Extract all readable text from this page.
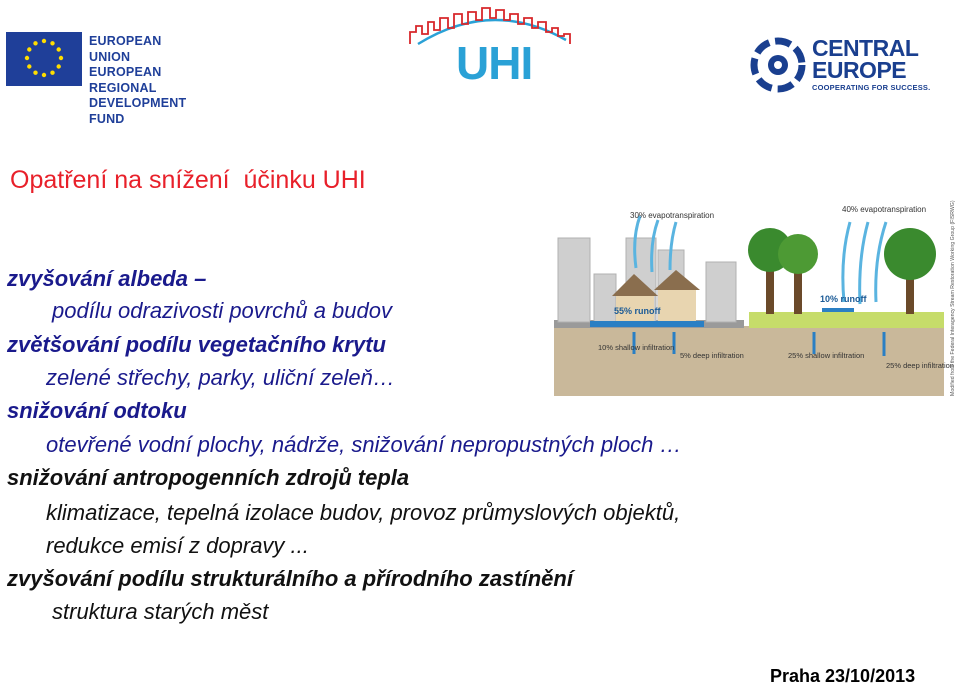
EUROPEAN UNION
EUROPEAN REGIONAL
DEVELOPMENT FUND
UHI	CENTRAL
EUROPE
COOPERATING FOR SUCCESS.
Opatření na snížení  účinku UHI
zvyšování albeda –
podílu odrazivosti povrchů a budov
zvětšování podílu vegetačního krytu
zelené střechy, parky, uliční zeleň…
snižování odtoku
otevřené vodní plochy, nádrže, snižování nepropustných ploch …
snižování antropogenních zdrojů tepla
klimatizace, tepelná izolace budov, provoz průmyslových objektů,
redukce emisí z dopravy ...
zvyšování podílu strukturálního a přírodního zastínění
struktura starých měst
30% evapotranspiration
55% runoff
10% shallow infiltration
5% deep infiltration
40% evapotranspiration
10% runoff
25% shallow infiltration
25% deep infiltration
Modified from the Federal Interagency Stream Restoration Working Group (FISRWG)
Praha 23/10/2013
